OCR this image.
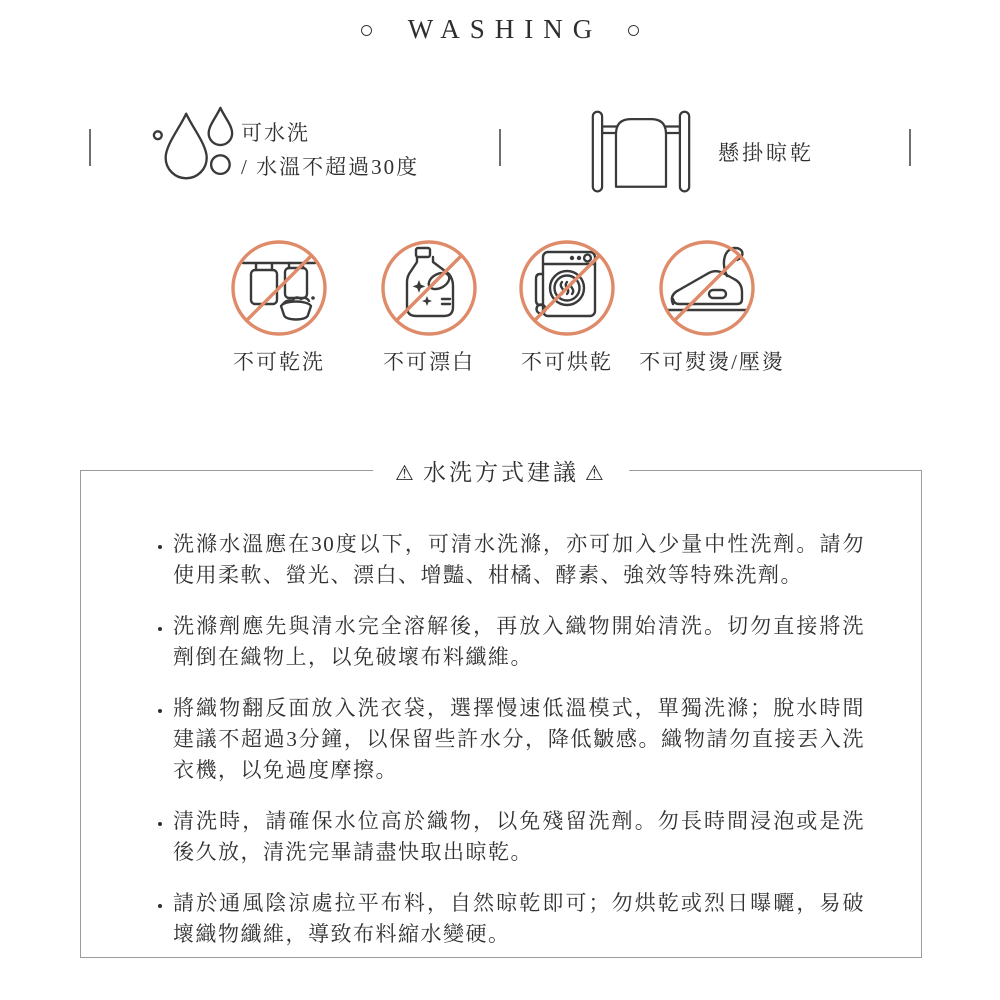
WASHING
可水洗
/ 水溫不超過30度
懸掛晾乾
不可乾洗	不可漂白 不可烘乾 不可熨燙/壓燙
⚠ 水洗方式建議 ⚠
• 洗滌水溫應在30度以下，可清水洗滌，亦可加入少量中性洗劑。請勿使用柔軟、螢光、漂白、增豔、柑橘、酵素、強效等特殊洗劑。
• 洗滌劑應先與清水完全溶解後，再放入織物開始清洗。切勿直接將洗劑倒在織物上，以免破壞布料纖維。
• 將織物翻反面放入洗衣袋，選擇慢速低溫模式，單獨洗滌；脫水時間建議不超過3分鐘，以保留些許水分，降低皺感。織物請勿直接丟入洗衣機，以免過度摩擦。
• 清洗時，請確保水位高於織物，以免殘留洗劑。勿長時間浸泡或是洗後久放，清洗完畢請盡快取出晾乾。
• 請於通風陰涼處拉平布料，自然晾乾即可；勿烘乾或烈日曝曬，易破壞織物纖維，導致布料縮水變硬。
